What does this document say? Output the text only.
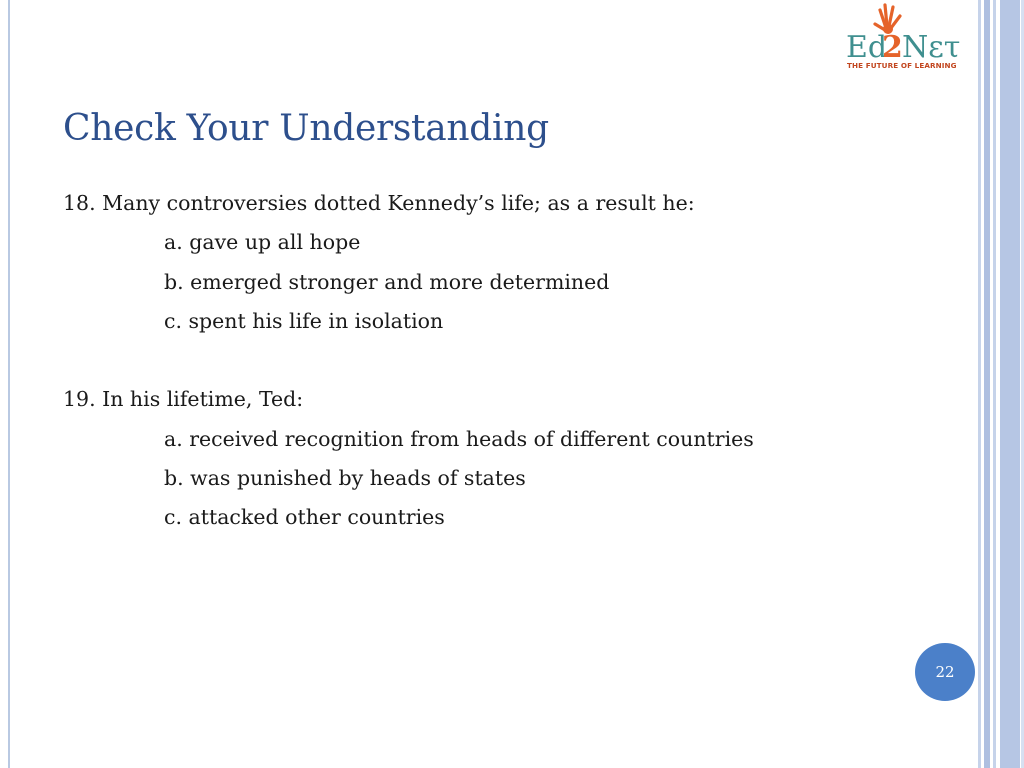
Ed
2 Nετ
THE FUTURE OF LEARNING
Check Your Understanding
18. Many controversies dotted Kennedy’s life; as a result he:
a. gave up all hope
b. emerged stronger and more determined
c. spent his life in isolation
19. In his lifetime, Ted:
a. received recognition from heads of different countries
b. was punished by heads of states
c. attacked other countries
22
